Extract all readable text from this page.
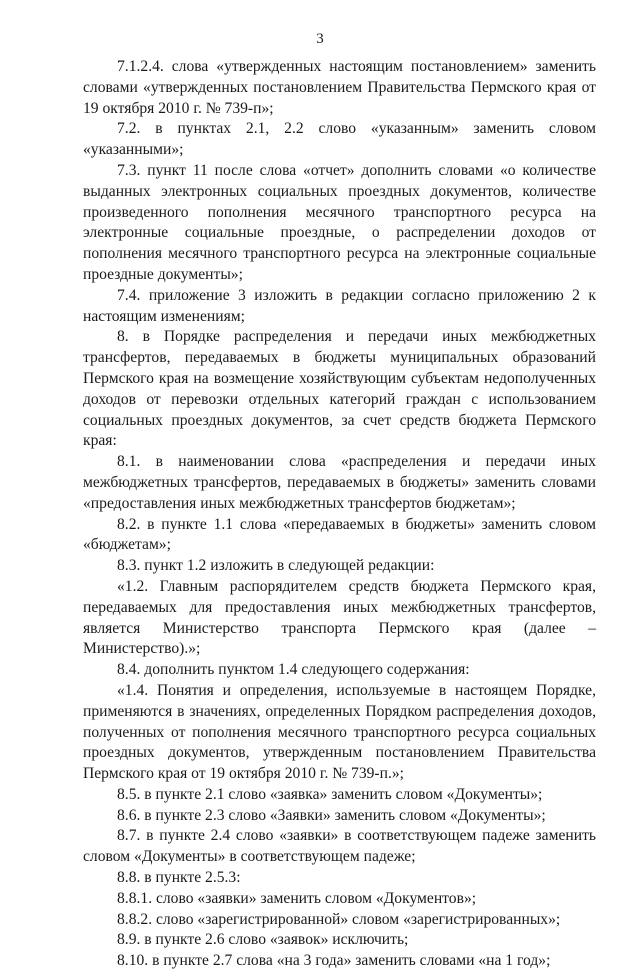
3

7.1.2.4. слова «утвержденных настоящим постановлением» заменить словами «утвержденных постановлением Правительства Пермского края от 19 октября 2010 г. № 739-п»;

7.2. в пунктах 2.1, 2.2 слово «указанным» заменить словом «указанными»;

7.3. пункт 11 после слова «отчет» дополнить словами «о количестве выданных электронных социальных проездных документов, количестве произведенного пополнения месячного транспортного ресурса на электронные социальные проездные, о распределении доходов от пополнения месячного транспортного ресурса на электронные социальные проездные документы»;

7.4. приложение 3 изложить в редакции согласно приложению 2 к настоящим изменениям;

8. в Порядке распределения и передачи иных межбюджетных трансфертов, передаваемых в бюджеты муниципальных образований Пермского края на возмещение хозяйствующим субъектам недополученных доходов от перевозки отдельных категорий граждан с использованием социальных проездных документов, за счет средств бюджета Пермского края:

8.1. в наименовании слова «распределения и передачи иных межбюджетных трансфертов, передаваемых в бюджеты» заменить словами «предоставления иных межбюджетных трансфертов бюджетам»;

8.2. в пункте 1.1 слова «передаваемых в бюджеты» заменить словом «бюджетам»;

8.3. пункт 1.2 изложить в следующей редакции:

«1.2. Главным распорядителем средств бюджета Пермского края, передаваемых для предоставления иных межбюджетных трансфертов, является Министерство транспорта Пермского края (далее – Министерство).»;

8.4. дополнить пунктом 1.4 следующего содержания:

«1.4. Понятия и определения, используемые в настоящем Порядке, применяются в значениях, определенных Порядком распределения доходов, полученных от пополнения месячного транспортного ресурса социальных проездных документов, утвержденным постановлением Правительства Пермского края от 19 октября 2010 г. № 739-п.»;

8.5. в пункте 2.1 слово «заявка» заменить словом «Документы»;

8.6. в пункте 2.3 слово «Заявки» заменить словом «Документы»;

8.7. в пункте 2.4 слово «заявки» в соответствующем падеже заменить словом «Документы» в соответствующем падеже;

8.8. в пункте 2.5.3:

8.8.1. слово «заявки» заменить словом «Документов»;

8.8.2. слово «зарегистрированной» словом «зарегистрированных»;

8.9. в пункте 2.6 слово «заявок» исключить;

8.10. в пункте 2.7 слова «на 3 года» заменить словами «на 1 год»;
